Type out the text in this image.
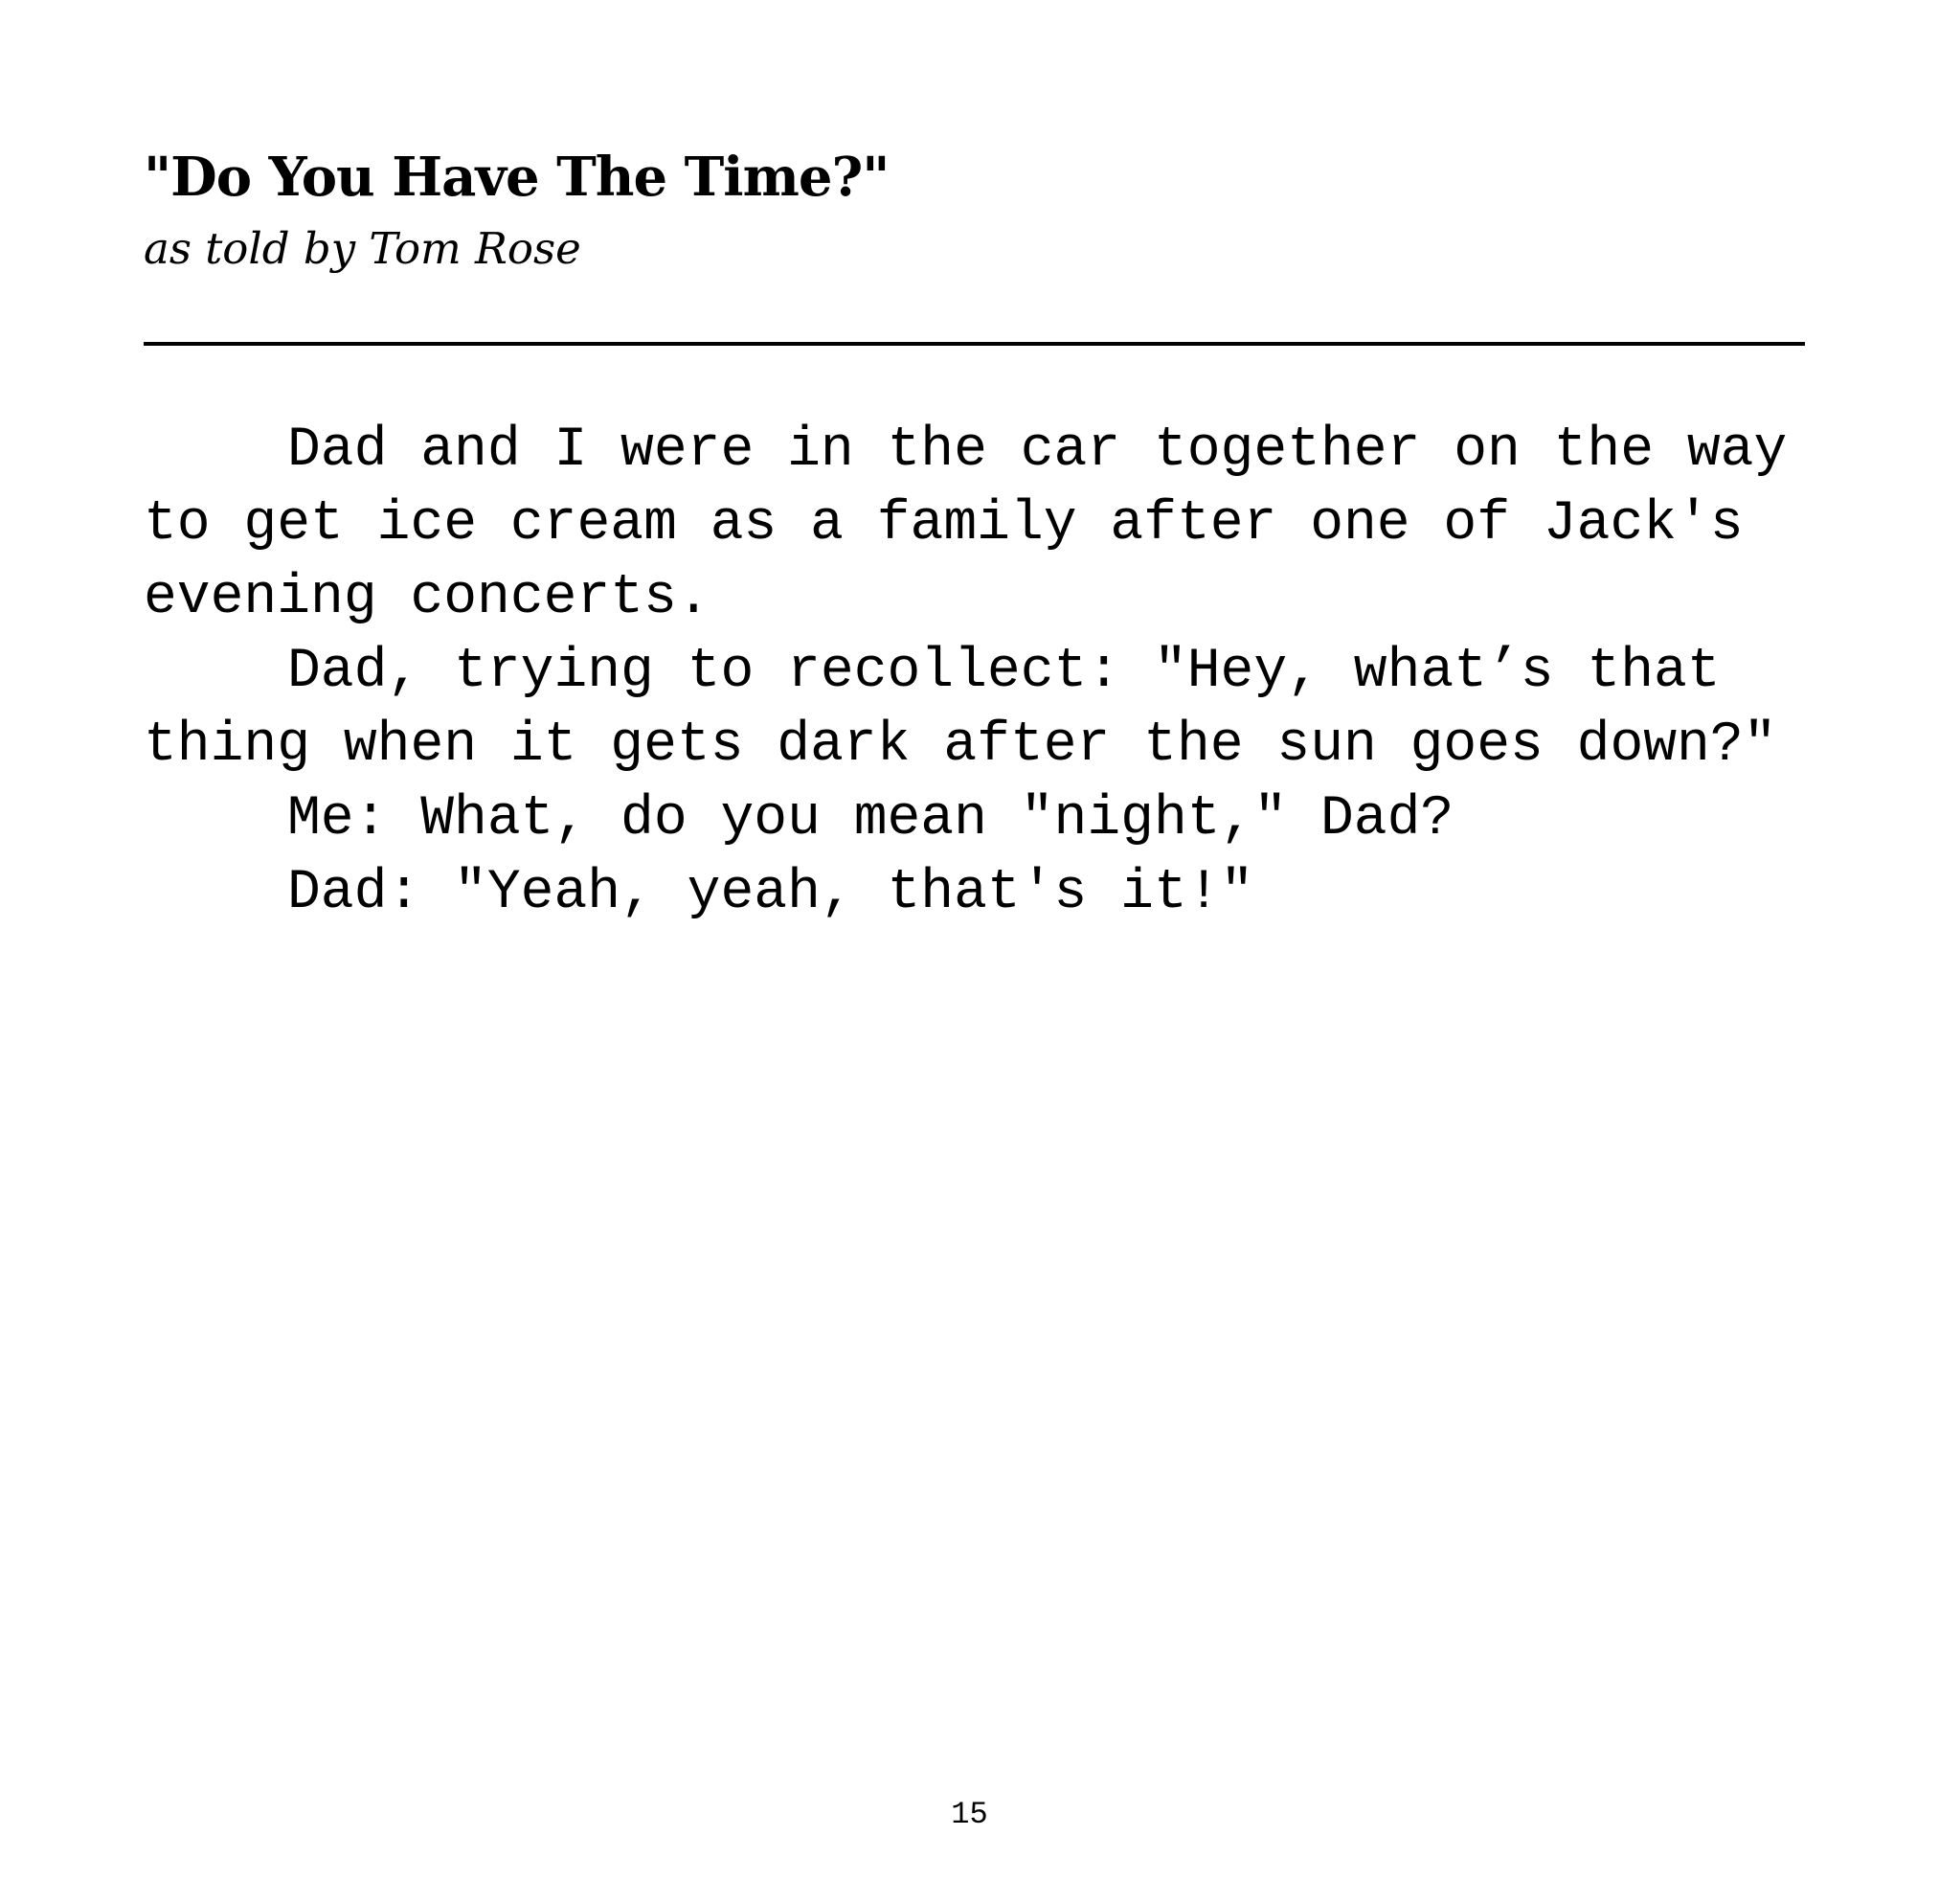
"Do You Have The Time?"

as told by Tom Rose

Dad and I were in the car together on the way to get ice cream as a family after one of Jack's evening concerts.

Dad, trying to recollect: "Hey, what’s that thing when it gets dark after the sun goes down?"

Me: What, do you mean "night," Dad?

Dad: "Yeah, yeah, that's it!"

15
